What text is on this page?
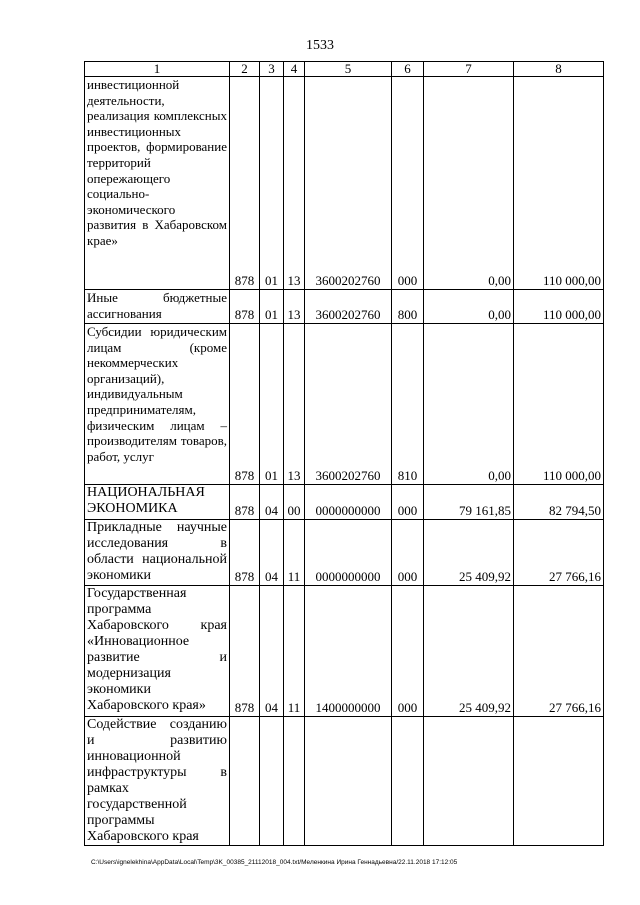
1533
1	2	3	4	5	6	7	8
инвестиционной деятельности, реализация комплексных инвестиционных проектов, формирование территорий опережающего социально-экономического развития в Хабаровском крае»	878	01	13	3600202760	000	0,00	110 000,00
Иные бюджетные ассигнования	878	01	13	3600202760	800	0,00	110 000,00
Субсидии юридическим лицам (кроме некоммерческих организаций), индивидуальным предпринимателям, физическим лицам – производителям товаров, работ, услуг	878	01	13	3600202760	810	0,00	110 000,00
НАЦИОНАЛЬНАЯ ЭКОНОМИКА	878	04	00	0000000000	000	79 161,85	82 794,50
Прикладные научные исследования в области национальной экономики	878	04	11	0000000000	000	25 409,92	27 766,16
Государственная программа Хабаровского края «Инновационное развитие и модернизация экономики Хабаровского края»	878	04	11	1400000000	000	25 409,92	27 766,16
Содействие созданию и развитию инновационной инфраструктуры в рамках государственной программы Хабаровского края							
C:\Users\ignelekhina\AppData\Local\Temp\3K_00385_21112018_004.txt/Меленкина Ирина Геннадьевна/22.11.2018 17:12:05
